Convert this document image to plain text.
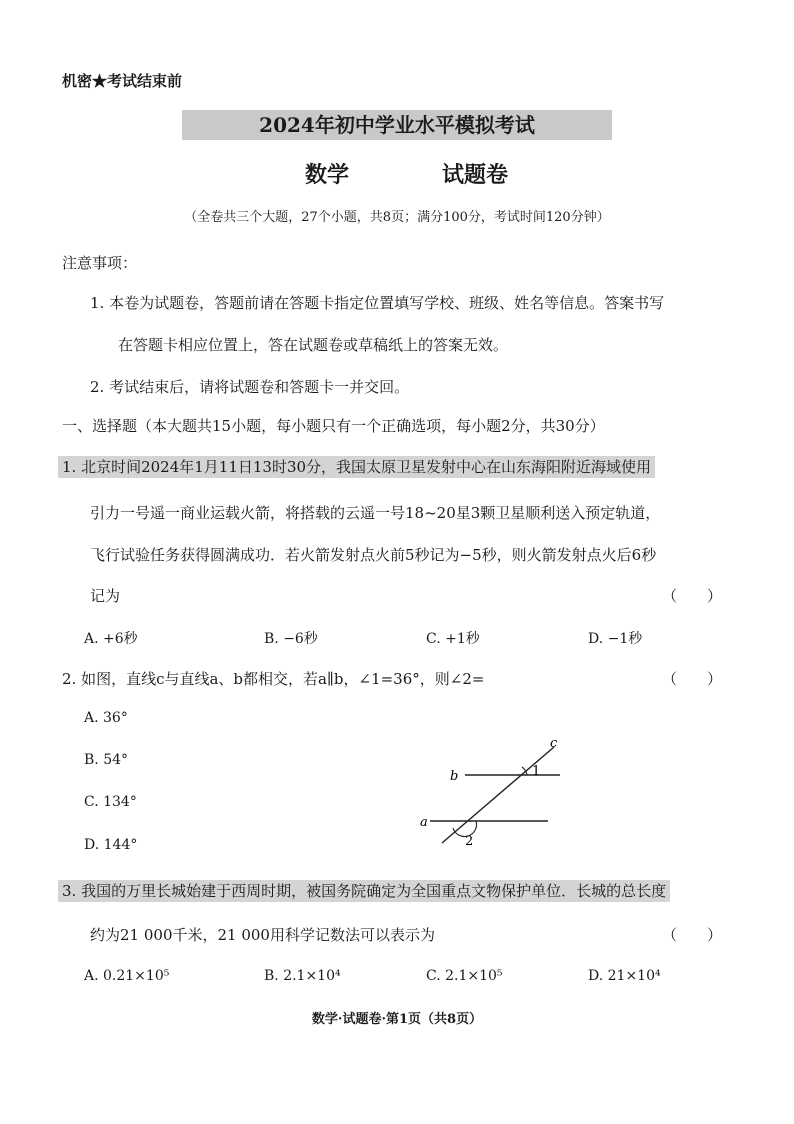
机密★考试结束前
2024年初中学业水平模拟考试
数学	试题卷
（全卷共三个大题，27个小题，共8页；满分100分，考试时间120分钟）
注意事项：
1. 本卷为试题卷，答题前请在答题卡指定位置填写学校、班级、姓名等信息。答案书写
在答题卡相应位置上，答在试题卷或草稿纸上的答案无效。
2. 考试结束后，请将试题卷和答题卡一并交回。
一、选择题（本大题共15小题，每小题只有一个正确选项，每小题2分，共30分）
1. 北京时间2024年1月11日13时30分，我国太原卫星发射中心在山东海阳附近海域使用
引力一号遥一商业运载火箭，将搭载的云遥一号18~20星3颗卫星顺利送入预定轨道，
飞行试验任务获得圆满成功．若火箭发射点火前5秒记为−5秒，则火箭发射点火后6秒
记为	（　　）
A. +6秒	B. −6秒	C. +1秒	D. −1秒
2. 如图，直线c与直线a、b都相交，若a∥b，∠1=36°，则∠2=	（　　）
A. 36°
B. 54°
C. 134°
D. 144°
b
a
c
1
2
3. 我国的万里长城始建于西周时期，被国务院确定为全国重点文物保护单位．长城的总长度
约为21 000千米，21 000用科学记数法可以表示为	（　　）
A. 0.21×10⁵	B. 2.1×10⁴	C. 2.1×10⁵	D. 21×10⁴
数学·试题卷·第1页（共8页）
